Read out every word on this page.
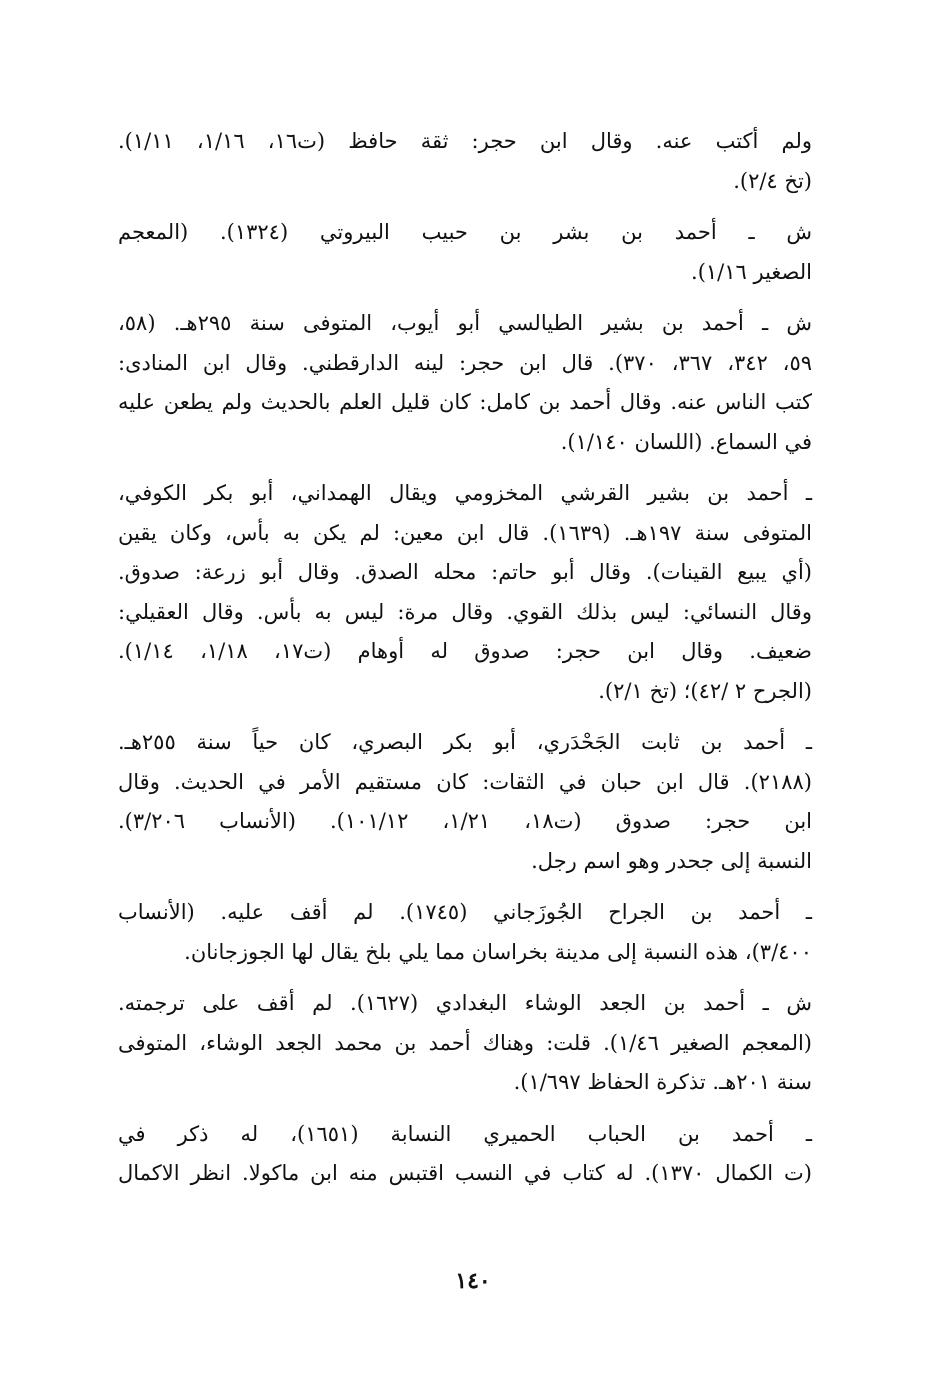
ولم أكتب عنه. وقال ابن حجر: ثقة حافظ (ت١٦، ١/١٦، ١/١١).
(تخ ٢/٤).
ش ـ أحمد بن بشر بن حبيب البيروتي (١٣٢٤). (المعجم
الصغير ١/١٦).
ش ـ أحمد بن بشير الطيالسي أبو أيوب، المتوفى سنة ٢٩٥هـ. (٥٨،
٥٩، ٣٤٢، ٣٦٧، ٣٧٠). قال ابن حجر: لينه الدارقطني. وقال ابن المنادى:
كتب الناس عنه. وقال أحمد بن كامل: كان قليل العلم بالحديث ولم يطعن عليه
في السماع. (اللسان ١/١٤٠).
ـ أحمد بن بشير القرشي المخزومي ويقال الهمداني، أبو بكر الكوفي،
المتوفى سنة ١٩٧هـ. (١٦٣٩). قال ابن معين: لم يكن به بأس، وكان يقين
(أي يبيع القينات). وقال أبو حاتم: محله الصدق. وقال أبو زرعة: صدوق.
وقال النسائي: ليس بذلك القوي. وقال مرة: ليس به بأس. وقال العقيلي:
ضعيف. وقال ابن حجر: صدوق له أوهام (ت١٧، ١/١٨، ١/١٤).
(الجرح ٢ /٤٢)؛ (تخ ٢/١).
ـ أحمد بن ثابت الجَحْدَري، أبو بكر البصري، كان حياً سنة ٢٥٥هـ.
(٢١٨٨). قال ابن حبان في الثقات: كان مستقيم الأمر في الحديث. وقال
ابن حجر: صدوق (ت١٨، ١/٢١، ١٠١/١٢). (الأنساب ٣/٢٠٦).
النسبة إلى جحدر وهو اسم رجل.
ـ أحمد بن الجراح الجُوزَجاني (١٧٤٥). لم أقف عليه. (الأنساب
٣/٤٠٠)، هذه النسبة إلى مدينة بخراسان مما يلي بلخ يقال لها الجوزجانان.
ش ـ أحمد بن الجعد الوشاء البغدادي (١٦٢٧). لم أقف على ترجمته.
(المعجم الصغير ١/٤٦). قلت: وهناك أحمد بن محمد الجعد الوشاء، المتوفى
سنة ٢٠١هـ. تذكرة الحفاظ ١/٦٩٧).
ـ أحمد بن الحباب الحميري النسابة (١٦٥١)، له ذكر في
(ت الكمال ١٣٧٠). له كتاب في النسب اقتبس منه ابن ماكولا. انظر الاكمال
١٤٠
